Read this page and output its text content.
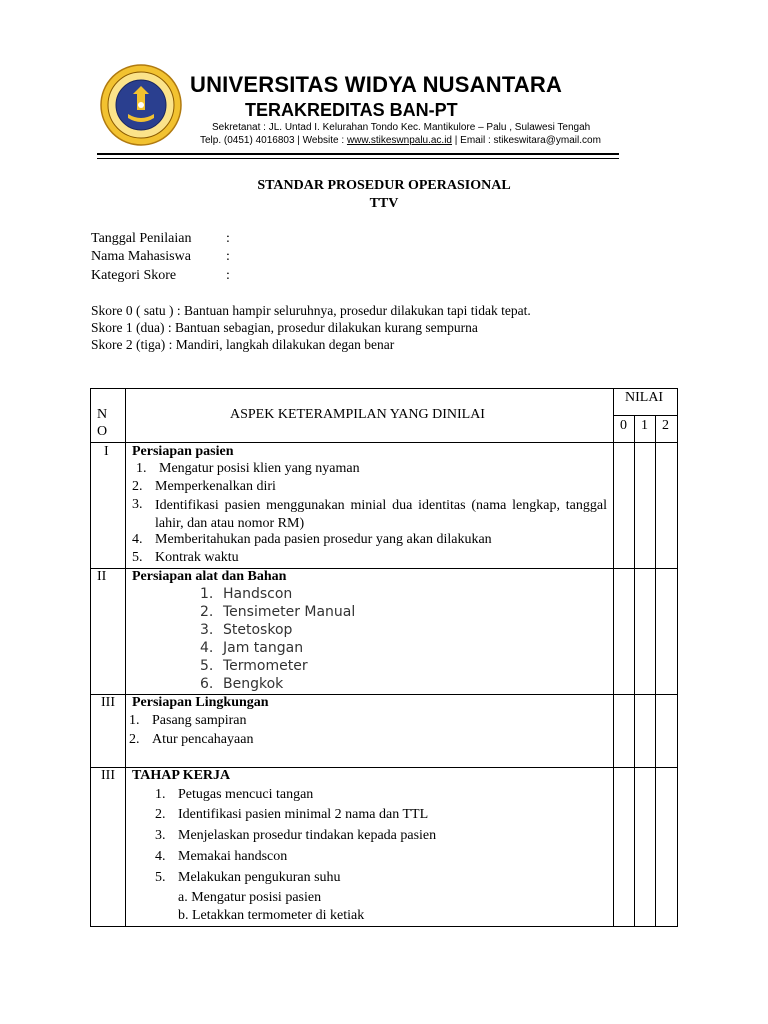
UNIVERSITAS WIDYA NUSANTARA
TERAKREDITAS BAN-PT
Sekretanat : JL. Untad I. Kelurahan Tondo Kec. Mantikulore – Palu , Sulawesi Tengah
Telp. (0451) 4016803 | Website : www.stikeswnpalu.ac.id | Email : stikeswitara@ymail.com
STANDAR PROSEDUR OPERASIONAL
TTV
Tanggal Penilaian :
Nama Mahasiswa	:
Kategori Skore	:
Skore 0 ( satu ) : Bantuan hampir seluruhnya, prosedur dilakukan tapi tidak tepat.
Skore 1 (dua) : Bantuan sebagian, prosedur dilakukan kurang sempurna
Skore 2 (tiga) : Mandiri, langkah dilakukan degan benar
N
O
ASPEK KETERAMPILAN YANG DINILAI
NILAI
0 1 2
I Persiapan pasien
1. Mengatur posisi klien yang nyaman
2. Memperkenalkan diri
3. Identifikasi pasien menggunakan minial dua identitas (nama lengkap, tanggal lahir, dan atau nomor RM)
4. Memberitahukan pada pasien prosedur yang akan dilakukan
5. Kontrak waktu
II Persiapan alat dan Bahan
1. Handscon
2. Tensimeter Manual
3. Stetoskop
4. Jam tangan
5. Termometer
6. Bengkok
III Persiapan Lingkungan
1. Pasang sampiran
2. Atur pencahayaan
III TAHAP KERJA
1. Petugas mencuci tangan
2. Identifikasi pasien minimal 2 nama dan TTL
3. Menjelaskan prosedur tindakan kepada pasien
4. Memakai handscon
5. Melakukan pengukuran suhu
a. Mengatur posisi pasien
b. Letakkan termometer di ketiak
